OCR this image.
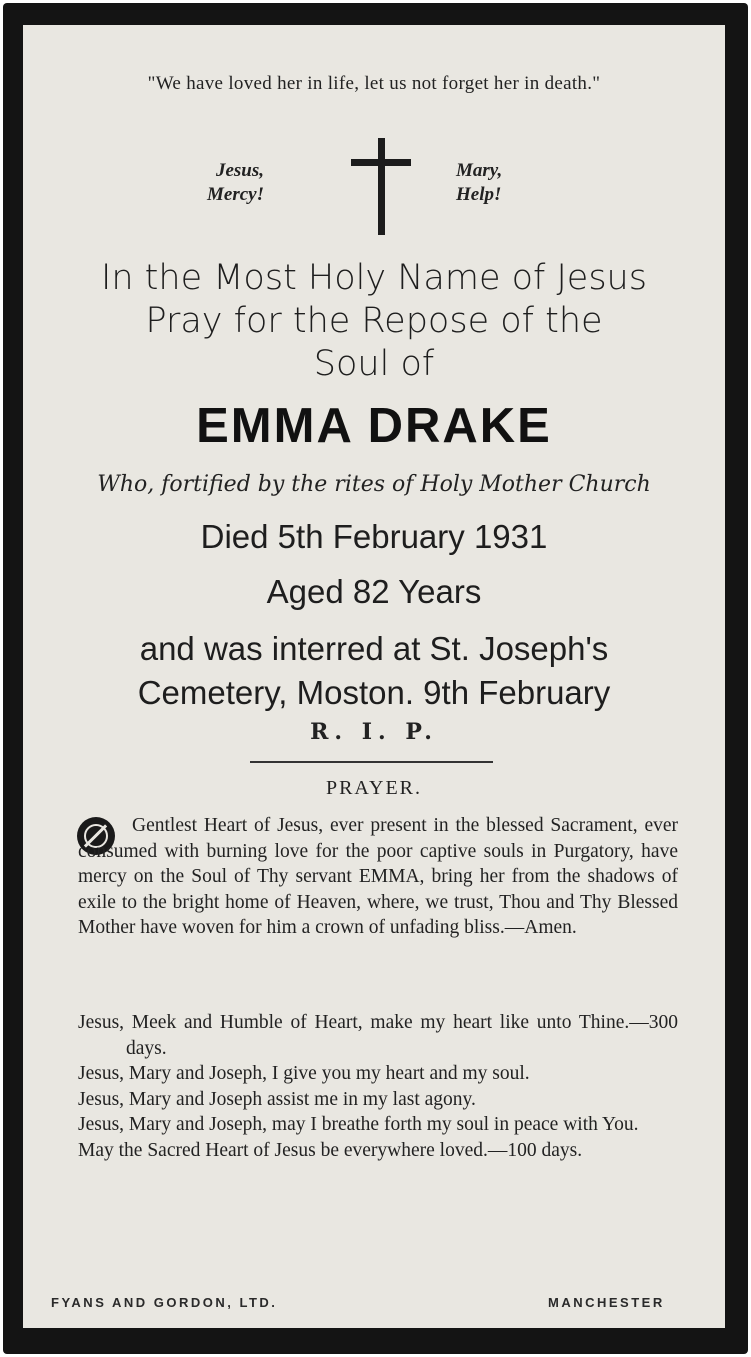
"We have loved her in life, let us not forget her in death."
Jesus,
Mercy!
Mary,
Help!
In the Most Holy Name of Jesus
Pray for the Repose of the
Soul of
EMMA DRAKE
Who, fortified by the rites of Holy Mother Church
Died 5th February 1931
Aged 82 Years
and was interred at St. Joseph's
Cemetery, Moston. 9th February
R. I. P.
PRAYER.
Gentlest Heart of Jesus, ever present in the blessed Sacrament, ever consumed with burning love for the poor captive souls in Purgatory, have mercy on the Soul of Thy servant EMMA, bring her from the shadows of exile to the bright home of Heaven, where, we trust, Thou and Thy Blessed Mother have woven for him a crown of unfading bliss.—Amen.
Jesus, Meek and Humble of Heart, make my heart like unto Thine.—300 days.
Jesus, Mary and Joseph, I give you my heart and my soul.
Jesus, Mary and Joseph assist me in my last agony.
Jesus, Mary and Joseph, may I breathe forth my soul in peace with You.
May the Sacred Heart of Jesus be everywhere loved.—100 days.
FYANS AND GORDON, LTD.	MANCHESTER
